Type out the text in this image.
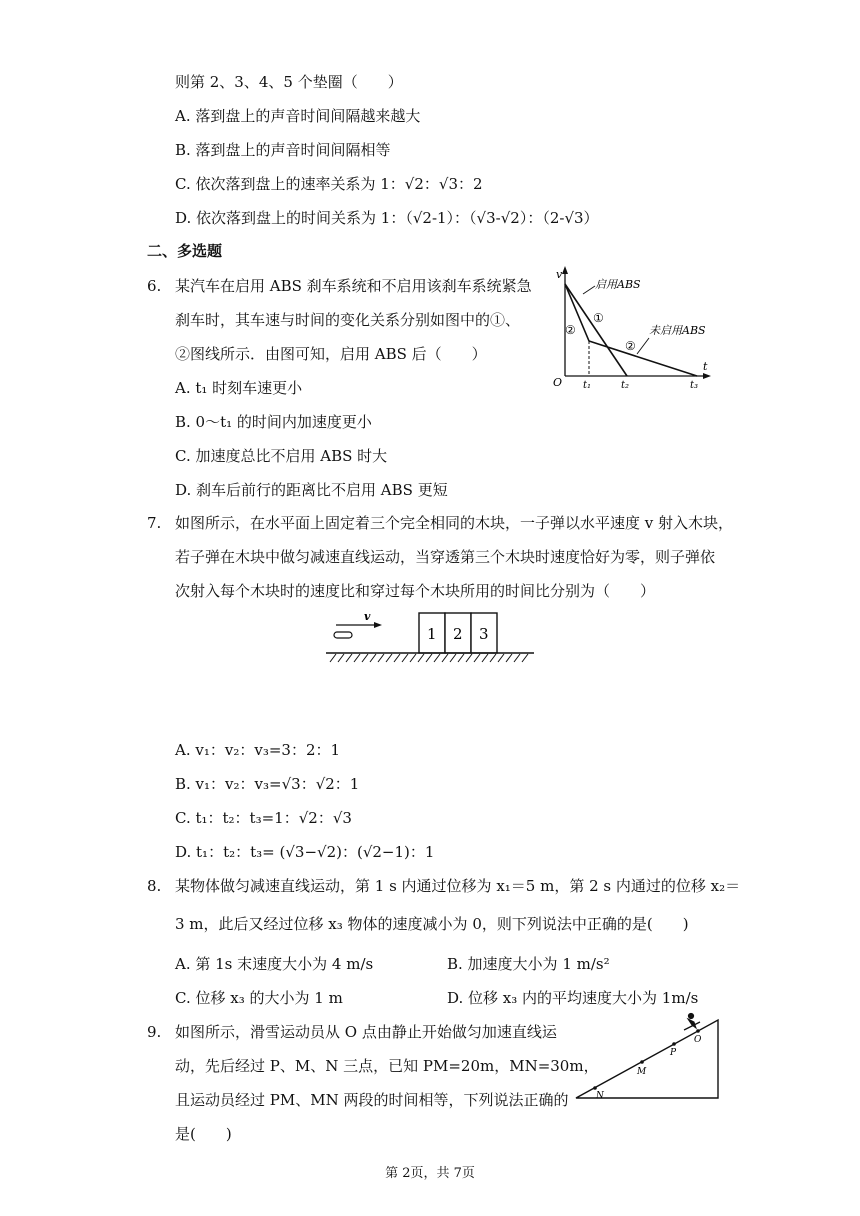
则第 2、3、4、5 个垫圈（　　）
A. 落到盘上的声音时间间隔越来越大
B. 落到盘上的声音时间间隔相等
C. 依次落到盘上的速率关系为 1：√2：√3：2
D. 依次落到盘上的时间关系为 1：（√2-1）：（√3-√2）：（2-√3）
二、多选题
6. 某汽车在启用 ABS 刹车系统和不启用该刹车系统紧急
刹车时，其车速与时间的变化关系分别如图中的①、
②图线所示．由图可知，启用 ABS 后（　　）
A. t₁ 时刻车速更小
B. 0～t₁ 的时间内加速度更小
C. 加速度总比不启用 ABS 时大
D. 刹车后前行的距离比不启用 ABS 更短
v
t
O t₁	t₂	t₃
启用ABS
①
②
②
未启用ABS
7. 如图所示，在水平面上固定着三个完全相同的木块，一子弹以水平速度 v 射入木块，
若子弹在木块中做匀减速直线运动，当穿透第三个木块时速度恰好为零，则子弹依
次射入每个木块时的速度比和穿过每个木块所用的时间比分别为（　　）
v
1 2 3
A. v₁：v₂：v₃=3：2：1
B. v₁：v₂：v₃=√3：√2：1
C. t₁：t₂：t₃=1：√2：√3
D. t₁：t₂：t₃= (√3−√2)：(√2−1)：1
8. 某物体做匀减速直线运动，第 1 s 内通过位移为 x₁＝5 m，第 2 s 内通过的位移 x₂＝
3 m，此后又经过位移 x₃ 物体的速度减小为 0，则下列说法中正确的是(　　)
A. 第 1s 末速度大小为 4 m/s	B. 加速度大小为 1 m/s²
C. 位移 x₃ 的大小为 1 m	D. 位移 x₃ 内的平均速度大小为 1m/s
9. 如图所示，滑雪运动员从 O 点由静止开始做匀加速直线运
动，先后经过 P、M、N 三点，已知 PM=20m，MN=30m，
且运动员经过 PM、MN 两段的时间相等，下列说法正确的
是(　　)
O
P
M
N
第 2页，共 7页
